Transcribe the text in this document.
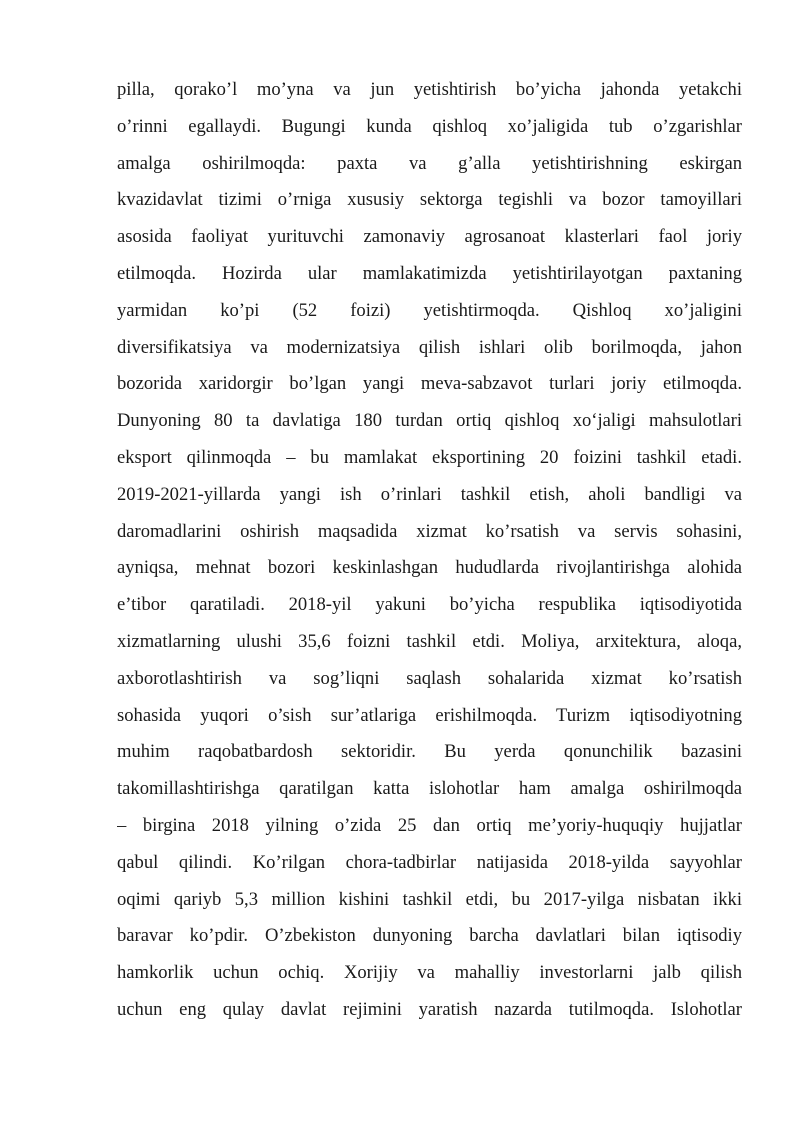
pilla, qorako’l mo’yna va jun yetishtirish bo’yicha jahonda yetakchi
o’rinni egallaydi. Bugungi kunda qishloq xo’jaligida tub o’zgarishlar
amalga oshirilmoqda: paxta va g’alla yetishtirishning eskirgan
kvazidavlat tizimi o’rniga xususiy sektorga tegishli va bozor tamoyillari
asosida faoliyat yurituvchi zamonaviy agrosanoat klasterlari faol joriy
etilmoqda. Hozirda ular mamlakatimizda yetishtirilayotgan paxtaning
yarmidan ko’pi (52 foizi) yetishtirmoqda. Qishloq xo’jaligini
diversifikatsiya va modernizatsiya qilish ishlari olib borilmoqda, jahon
bozorida xaridorgir bo’lgan yangi meva-sabzavot turlari joriy etilmoqda.
Dunyoning 80 ta davlatiga 180 turdan ortiq qishloq xo‘jaligi mahsulotlari
eksport qilinmoqda – bu mamlakat eksportining 20 foizini tashkil etadi.
2019-2021-yillarda yangi ish o’rinlari tashkil etish, aholi bandligi va
daromadlarini oshirish maqsadida xizmat ko’rsatish va servis sohasini,
ayniqsa, mehnat bozori keskinlashgan hududlarda rivojlantirishga alohida
e’tibor qaratiladi. 2018-yil yakuni bo’yicha respublika iqtisodiyotida
xizmatlarning ulushi 35,6 foizni tashkil etdi. Moliya, arxitektura, aloqa,
axborotlashtirish va sog’liqni saqlash sohalarida xizmat ko’rsatish
sohasida yuqori o’sish sur’atlariga erishilmoqda. Turizm iqtisodiyotning
muhim raqobatbardosh sektoridir. Bu yerda qonunchilik bazasini
takomillashtirishga qaratilgan katta islohotlar ham amalga oshirilmoqda
– birgina 2018 yilning o’zida 25 dan ortiq me’yoriy-huquqiy hujjatlar
qabul qilindi. Ko’rilgan chora-tadbirlar natijasida 2018-yilda sayyohlar
oqimi qariyb 5,3 million kishini tashkil etdi, bu 2017-yilga nisbatan ikki
baravar ko’pdir. O’zbekiston dunyoning barcha davlatlari bilan iqtisodiy
hamkorlik uchun ochiq. Xorijiy va mahalliy investorlarni jalb qilish
uchun eng qulay davlat rejimini yaratish nazarda tutilmoqda. Islohotlar
